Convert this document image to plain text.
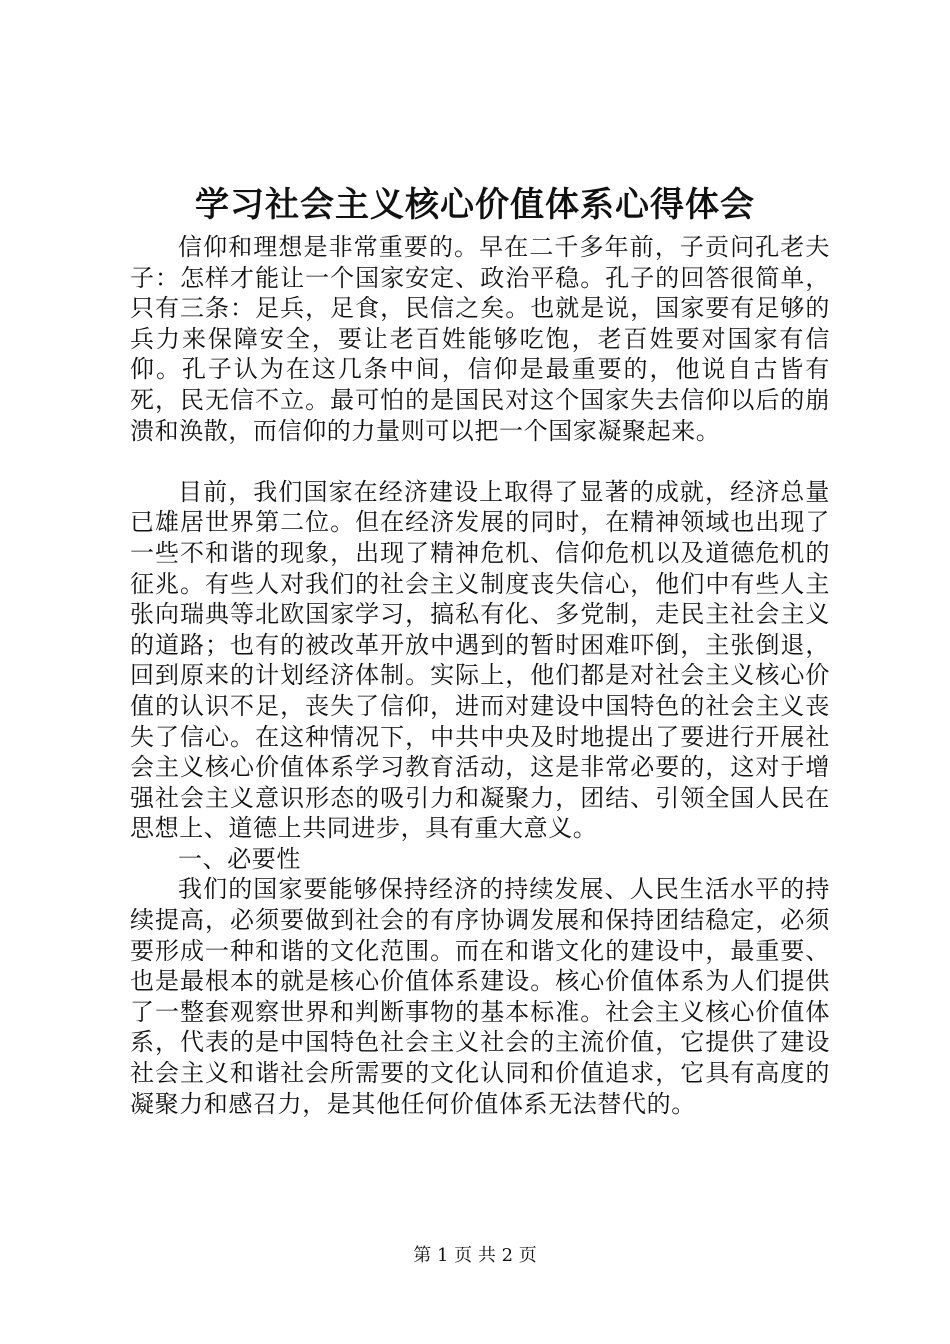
学习社会主义核心价值体系心得体会

信仰和理想是非常重要的。早在二千多年前，子贡问孔老夫子：怎样才能让一个国家安定、政治平稳。孔子的回答很简单，只有三条：足兵，足食，民信之矣。也就是说，国家要有足够的兵力来保障安全，要让老百姓能够吃饱，老百姓要对国家有信仰。孔子认为在这几条中间，信仰是最重要的，他说自古皆有死，民无信不立。最可怕的是国民对这个国家失去信仰以后的崩溃和涣散，而信仰的力量则可以把一个国家凝聚起来。

目前，我们国家在经济建设上取得了显著的成就，经济总量已雄居世界第二位。但在经济发展的同时，在精神领域也出现了一些不和谐的现象，出现了精神危机、信仰危机以及道德危机的征兆。有些人对我们的社会主义制度丧失信心，他们中有些人主张向瑞典等北欧国家学习，搞私有化、多党制，走民主社会主义的道路；也有的被改革开放中遇到的暂时困难吓倒，主张倒退，回到原来的计划经济体制。实际上，他们都是对社会主义核心价值的认识不足，丧失了信仰，进而对建设中国特色的社会主义丧失了信心。在这种情况下，中共中央及时地提出了要进行开展社会主义核心价值体系学习教育活动，这是非常必要的，这对于增强社会主义意识形态的吸引力和凝聚力，团结、引领全国人民在思想上、道德上共同进步，具有重大意义。

一、必要性

我们的国家要能够保持经济的持续发展、人民生活水平的持续提高，必须要做到社会的有序协调发展和保持团结稳定，必须要形成一种和谐的文化范围。而在和谐文化的建设中，最重要、也是最根本的就是核心价值体系建设。核心价值体系为人们提供了一整套观察世界和判断事物的基本标准。社会主义核心价值体系，代表的是中国特色社会主义社会的主流价值，它提供了建设社会主义和谐社会所需要的文化认同和价值追求，它具有高度的凝聚力和感召力，是其他任何价值体系无法替代的。

第 1 页 共 2 页
